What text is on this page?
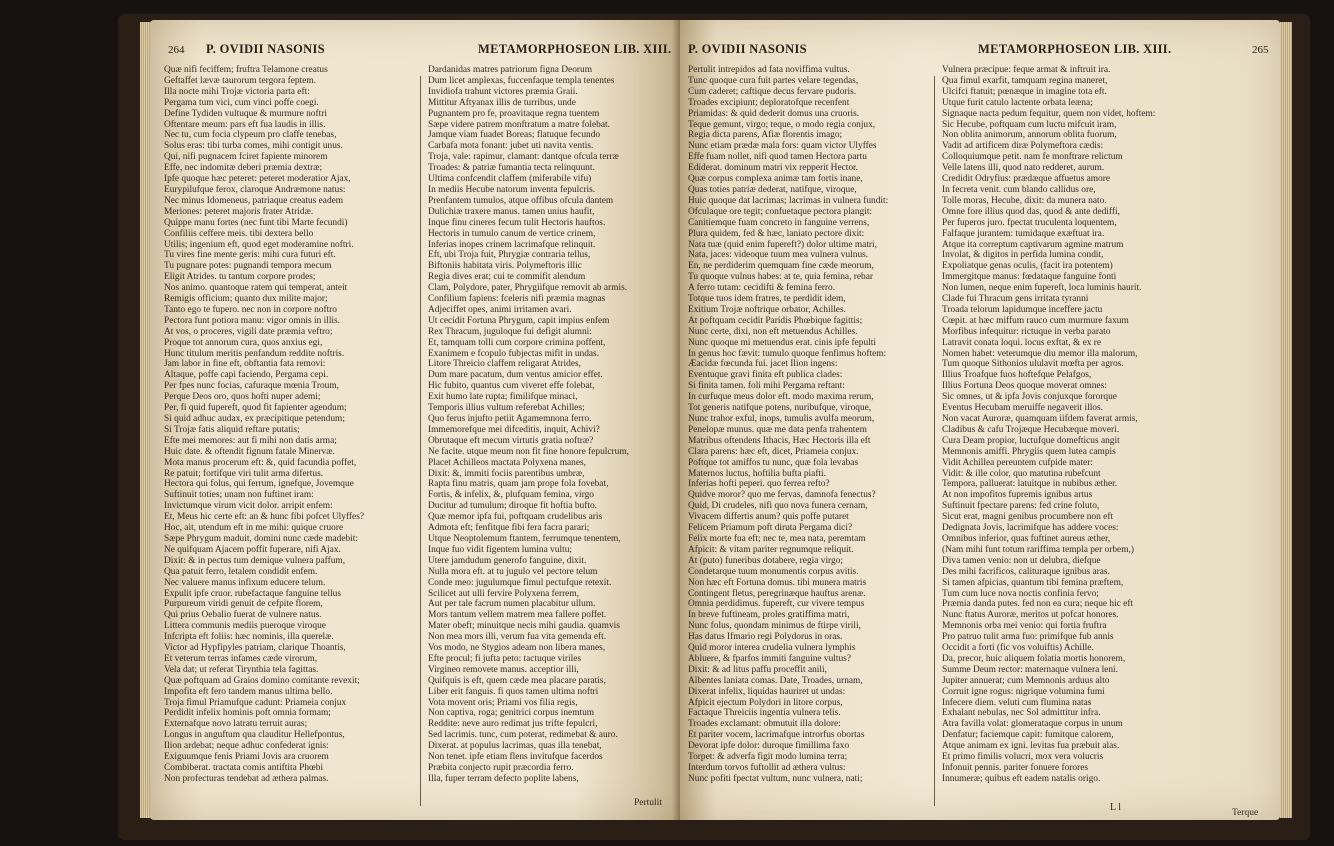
264 P. OVIDII NASONIS	METAMORPHOSEON LIB. XIII.
Quæ nifi feciffem; fruftra Telamone creatus
Geftaffet lævæ taurorum tergora feptem.
Illa nocte mihi Trojæ victoria parta eft:
Pergama tum vici, cum vinci poffe coegi.
Define Tydiden vultuque & murmure noftri
Oftentare meum: pars eft fua laudis in illis.
Nec tu, cum focia clypeum pro claffe tenebas,
Solus eras: tibi turba comes, mihi contigit unus.
Qui, nifi pugnacem fciret fapiente minorem
Effe, nec indomitæ deberi præmia dextræ;
Ipfe quoque hæc peteret: peteret moderatior Ajax,
Eurypilufque ferox, claroque Andræmone natus:
Nec minus Idomeneus, patriaque creatus eadem
Meriones: peteret majoris frater Atridæ.
Quippe manu fortes (nec funt tibi Marte fecundi)
Confiliis ceffere meis. tibi dextera bello
Utilis; ingenium eft, quod eget moderamine noftri.
Tu vires fine mente geris: mihi cura futuri eft.
Tu pugnare potes: pugnandi tempora mecum
Eligit Atrides. tu tantum corpore prodes;
Nos animo. quantoque ratem qui temperat, anteit
Remigis officium; quanto dux milite major;
Tanto ego te fupero. nec non in corpore noftro
Pectora funt potiora manu: vigor omnis in illis.
At vos, o proceres, vigili date præmia veftro;
Proque tot annorum cura, quos anxius egi,
Hunc titulum meritis penfandum reddite noftris.
Jam labor in fine eft, obftantia fata removi:
Altaque, poffe capi faciendo, Pergama cepi.
Per fpes nunc focias, cafuraque mœnia Troum,
Perque Deos oro, quos hofti nuper ademi;
Per, fi quid fupereft, quod fit fapienter agendum;
Si quid adhuc audax, ex præcipitique petendum;
Si Trojæ fatis aliquid reftare putatis;
Efte mei memores: aut fi mihi non datis arma;
Huic date. & oftendit fignum fatale Minervæ.
Mota manus procerum eft: &, quid facundia poffet,
Re patuit; fortifque viri tulit arma difertus.
Hectora qui folus, qui ferrum, ignefque, Jovemque
Suftinuit toties; unam non fuftinet iram:
Invictumque virum vicit dolor. arripit enfem:
Et, Meus hic certe eft: an & hunc fibi pofcet Ulyffes?
Hoc, ait, utendum eft in me mihi: quique cruore
Sæpe Phrygum maduit, domini nunc cæde madebit:
Ne quifquam Ajacem poffit fuperare, nifi Ajax.
Dixit: & in pectus tum demique vulnera paffum,
Qua patuit ferro, letalem condidit enfem.
Nec valuere manus infixum educere telum.
Expulit ipfe cruor. rubefactaque fanguine tellus
Purpureum viridi genuit de cefpite florem,
Qui prius Oebalio fuerat de vulnere natus.
Littera communis mediis pueroque viroque
Infcripta eft foliis: hæc nominis, illa querelæ.
Victor ad Hypfipyles patriam, clarique Thoantis,
Et veterum terras infames cæde virorum,
Vela dat; ut referat Tirynthia tela fagittas.
Quæ poftquam ad Graios domino comitante revexit;
Impofita eft fero tandem manus ultima bello.
Troja fimul Priamufque cadunt: Priameia conjux
Perdidit infelix hominis poft omnia formam;
Externafque novo latratu terruit auras;
Longus in anguftum qua clauditur Hellefpontus,
Ilion ardebat; neque adhuc confederat ignis:
Exiguumque fenis Priami Jovis ara cruorem
Combiberat. tractata comis antiftita Phœbi
Non profecturas tendebat ad æthera palmas.
Dardanidas matres patriorum figna Deorum
Dum licet amplexas, fuccenfaque templa tenentes
Invidiofa trahunt victores præmia Graii.
Mittitur Aftyanax illis de turribus, unde
Pugnantem pro fe, proavitaque regna tuentem
Sæpe videre patrem monftratum a matre folebat.
Jamque viam fuadet Boreas; flatuque fecundo
Carbafa mota fonant: jubet uti navita ventis.
Troja, vale: rapimur, clamant: dantque ofcula terræ
Troades: & patriæ fumantia tecta relinquunt.
Ultima confcendit claffem (miferabile vifu)
In mediis Hecube natorum inventa fepulcris.
Prenfantem tumulos, atque offibus ofcula dantem
Dulichiæ traxere manus. tamen unius haufit,
Inque finu cineres fecum tulit Hectoris hauftos.
Hectoris in tumulo canum de vertice crinem,
Inferias inopes crinem lacrimafque relinquit.
Eft, ubi Troja fuit, Phrygiæ contraria tellus,
Biftoniis habitata viris. Polymeftoris illic
Regia dives erat; cui te commifit alendum
Clam, Polydore, pater, Phrygiifque removit ab armis.
Confilium fapiens: fceleris nifi præmia magnas
Adjeciffet opes, animi irritamen avari.
Ut cecidit Fortuna Phrygum, capit impius enfem
Rex Thracum, juguloque fui defigit alumni:
Et, tamquam tolli cum corpore crimina poffent,
Exanimem e fcopulo fubjectas mifit in undas.
Litore Threicio claffem religarat Atrides,
Dum mare pacatum, dum ventus amicior effet.
Hic fubito, quantus cum viveret effe folebat,
Exit humo late rupta; fimilifque minaci,
Temporis illius vultum referebat Achilles;
Quo ferus injufto petiit Agamemnona ferro.
Immemorefque mei difceditis, inquit, Achivi?
Obrutaque eft mecum virtutis gratia noftræ?
Ne facite. utque meum non fit fine honore fepulcrum,
Placet Achilleos mactata Polyxena manes,
Dixit: &, immiti fociis parentibus umbræ,
Rapta finu matris, quam jam prope fola fovebat,
Fortis, & infelix, &, plufquam femina, virgo
Ducitur ad tumulum; diroque fit hoftia bufto.
Quæ memor ipfa fui, poftquam crudelibus aris
Admota eft; fenfitque fibi fera facra parari;
Utque Neoptolemum ftantem, ferrumque tenentem,
Inque fuo vidit figentem lumina vultu;
Utere jamdudum generofo fanguine, dixit.
Nulla mora eft. at tu jugulo vel pectore telum
Conde meo: jugulumque fimul pectufque retexit.
Scilicet aut ulli fervire Polyxena ferrem,
Aut per tale facrum numen placabitur ullum.
Mors tantum vellem matrem mea fallere poffet.
Mater obeft; minuitque necis mihi gaudia. quamvis
Non mea mors illi, verum fua vita gemenda eft.
Vos modo, ne Stygios adeam non libera manes,
Efte procul; fi jufta peto: tactuque viriles
Virgineo removete manus. acceptior illi,
Quifquis is eft, quem cæde mea placare paratis,
Liber erit fanguis. fi quos tamen ultima noftri
Vota movent oris; Priami vos filia regis,
Non captiva, roga; genitrici corpus inemtum
Reddite: neve auro redimat jus trifte fepulcri,
Sed lacrimis. tunc, cum poterat, redimebat & auro.
Dixerat. at populus lacrimas, quas illa tenebat,
Non tenet. ipfe etiam flens invitufque facerdos
Præbita conjecto rupit præcordia ferro.
Illa, fuper terram defecto poplite labens,
Pertulit
P. OVIDII NASONIS	METAMORPHOSEON LIB. XIII.	265
Pertulit intrepidos ad fata noviffima vultus.
Tunc quoque cura fuit partes velare tegendas,
Cum caderet; caftique decus fervare pudoris.
Troades excipiunt; deploratofque recenfent
Priamidas: & quid dederit domus una cruoris.
Teque gemunt, virgo; teque, o modo regia conjux,
Regia dicta parens, Afiæ florentis imago;
Nunc etiam prædæ mala fors: quam victor Ulyffes
Effe fuam nollet, nifi quod tamen Hectora partu
Ediderat. dominum matri vix repperit Hector.
Quæ corpus complexa animæ tam fortis inane,
Quas toties patriæ dederat, natifque, viroque,
Huic quoque dat lacrimas; lacrimas in vulnera fundit:
Ofculaque ore tegit; confuetaque pectora plangit:
Canitiemque fuam concreto in fanguine verrens,
Plura quidem, fed & hæc, laniato pectore dixit:
Nata tuæ (quid enim fupereft?) dolor ultime matri,
Nata, jaces: videoque tuum mea vulnera vulnus.
En, ne perdiderim quemquam fine cæde meorum,
Tu quoque vulnus habes: at te, quia femina, rebar
A ferro tutam: cecidifti & femina ferro.
Totque tuos idem fratres, te perdidit idem,
Exitium Trojæ noftrique orbator, Achilles.
At poftquam cecidit Paridis Phœbique fagittis;
Nunc certe, dixi, non eft metuendus Achilles.
Nunc quoque mi metuendus erat. cinis ipfe fepulti
In genus hoc fævit: tumulo quoque fenfimus hoftem:
Æacidæ fœcunda fui. jacet Ilion ingens:
Eventuque gravi finita eft publica clades:
Si finita tamen. foli mihi Pergama reftant:
In curfuque meus dolor eft. modo maxima rerum,
Tot generis natifque potens, nuribufque, viroque,
Nunc trahor exful, inops, tumulis avulfa meorum,
Penelopæ munus. quæ me data penfa trahentem
Matribus oftendens Ithacis, Hæc Hectoris illa eft
Clara parens: hæc eft, dicet, Priameia conjux.
Poftque tot amiffos tu nunc, quæ fola levabas
Maternos luctus, hoftilia bufta piafti.
Inferias hofti peperi. quo ferrea refto?
Quidve moror? quo me fervas, damnofa fenectus?
Quid, Di crudeles, nifi quo nova funera cernam,
Vivacem differtis anum? quis poffe putaret
Felicem Priamum poft diruta Pergama dici?
Felix morte fua eft; nec te, mea nata, peremtam
Afpicit: & vitam pariter regnumque reliquit.
At (puto) funeribus dotabere, regia virgo;
Condetarque tuum monumentis corpus avitis.
Non hæc eft Fortuna domus. tibi munera matris
Contingent fletus, peregrinæque hauftus arenæ.
Omnia perdidimus. fupereft, cur vivere tempus
In breve fuftineam, proles gratiffima matri,
Nunc folus, quondam minimus de ftirpe virili,
Has datus Ifmario regi Polydorus in oras.
Quid moror interea crudelia vulnera lymphis
Abluere, & fparfos immiti fanguine vultus?
Dixit: & ad litus paffu proceffit anili,
Albentes laniata comas. Date, Troades, urnam,
Dixerat infelix, liquidas hauriret ut undas:
Afpicit ejectum Polydori in litore corpus,
Factaque Threiciis ingentia vulnera telis.
Troades exclamant: obmutuit illa dolore:
Et pariter vocem, lacrimafque introrfus obortas
Devorat ipfe dolor: duroque fimillima faxo
Torpet: & adverfa figit modo lumina terra;
Interdum torvos fuftollit ad æthera vultus:
Nunc pofiti fpectat vultum, nunc vulnera, nati;
Vulnera præcipue: feque armat & inftruit ira.
Qua fimul exarfit, tamquam regina maneret,
Ulcifci ftatuit; pœnæque in imagine tota eft.
Utque furit catulo lactente orbata leæna;
Signaque nacta pedum fequitur, quem non videt, hoftem:
Sic Hecube, poftquam cum luctu mifcuit iram,
Non oblita animorum, annorum oblita fuorum,
Vadit ad artificem diræ Polymeftora cædis:
Colloquiumque petit. nam fe monftrare relictum
Velle latens illi, quod nato redderet, aurum.
Credidit Odryfius: prædæque affuetus amore
In fecreta venit. cum blando callidus ore,
Tolle moras, Hecube, dixit: da munera nato.
Omne fore illius quod das, quod & ante dediffi,
Per fuperos juro. fpectat truculenta loquentem,
Falfaque jurantem: tumidaque exæftuat ira.
Atque ita correptum captivarum agmine matrum
Involat, & digitos in perfida lumina condit,
Expoliatque genas oculis, (facit ira potentem)
Immergitque manus: fœdataque fanguine fonti
Non lumen, neque enim fupereft, loca luminis haurit.
Clade fui Thracum gens irritata tyranni
Troada telorum lapidumque inceffere jactu
Cœpit. at hæc miffum rauco cum murmure faxum
Morfibus infequitur: rictuque in verba parato
Latravit conata loqui. locus exftat, & ex re
Nomen habet: veterumque diu memor illa malorum,
Tum quoque Sithonios ululavit mœfta per agros.
Illius Troafque fuos hoftefque Pelafgos,
Illius Fortuna Deos quoque moverat omnes:
Sic omnes, ut & ipfa Jovis conjuxque fororque
Eventus Hecubam meruiffe negaverit illos.
Non vacat Auroræ, quamquam iifdem faverat armis,
Cladibus & cafu Trojæque Hecubæque moveri.
Cura Deam propior, luctufque domefticus angit
Memnonis amiffi. Phrygiis quem lutea campis
Vidit Achillea pereuntem cufpide mater:
Vidit: & ille color, quo matutina rubefcunt
Tempora, palluerat: latuitque in nubibus æther.
At non impofitos fupremis ignibus artus
Suftinuit fpectare parens: fed crine foluto,
Sicut erat, magni genibus procumbere non eft
Dedignata Jovis, lacrimifque has addere voces:
Omnibus inferior, quas fuftinet aureus æther,
(Nam mihi funt totum rariffima templa per orbem,)
Diva tamen venio: non ut delubra, diefque
Des mihi facrificos, calituraque ignibus aras.
Si tamen afpicias, quantum tibi femina præftem,
Tum cum luce nova noctis confinia fervo;
Præmia danda putes. fed non ea cura; neque hic eft
Nunc ftatus Auroræ, meritos ut pofcat honores.
Memnonis orba mei venio: qui fortia fruftra
Pro patruo tulit arma fuo: primifque fub annis
Occidit a forti (fic vos voluiftis) Achille.
Da, precor, huic aliquem folatia mortis honorem,
Summe Deum rector: maternaque vulnera leni.
Jupiter annuerat; cum Memnonis arduus alto
Corruit igne rogus: nigrique volumina fumi
Infecere diem. veluti cum flumina natas
Exhalant nebulas, nec Sol admittitur infra.
Atra favilla volat: glomerataque corpus in unum
Denfatur; faciemque capit: fumitque calorem,
Atque animam ex igni. levitas fua præbuit alas.
Et primo fimilis volucri, mox vera volucris
Infonuit pennis. pariter fonuere forores
Innumeræ; quibus eft eadem natalis origo.
L l	Terque
